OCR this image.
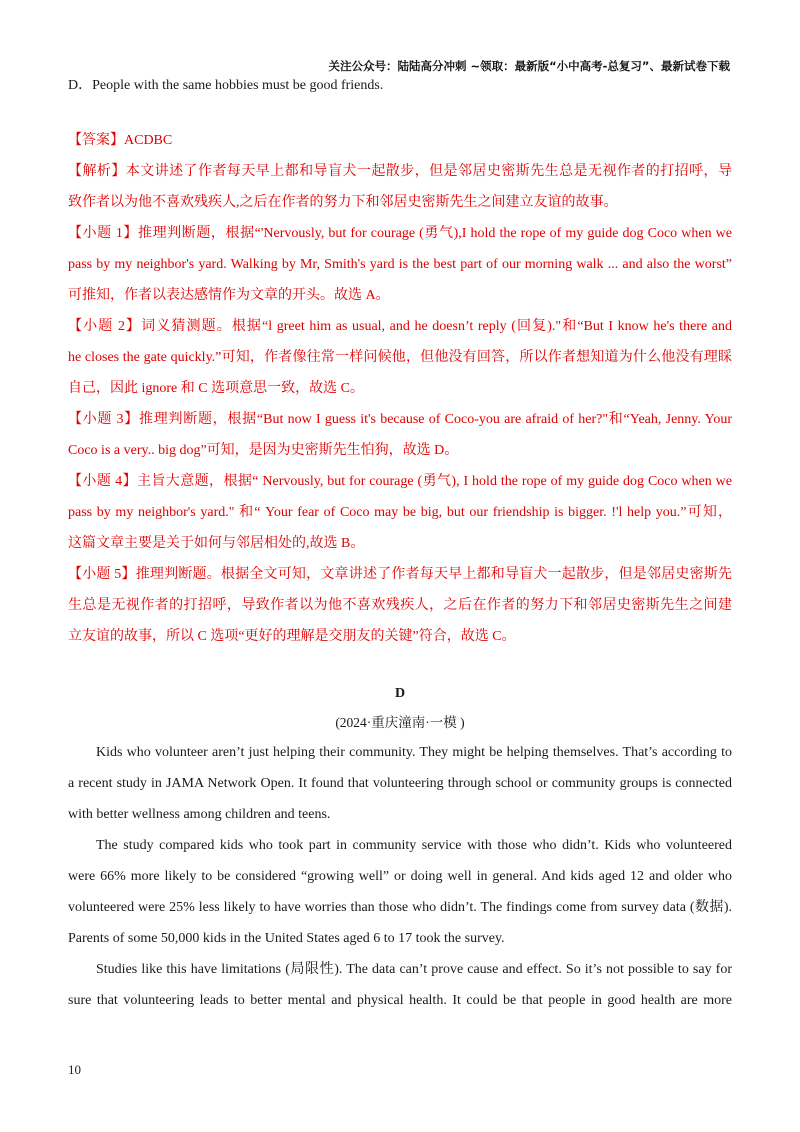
关注公众号：陆陆高分冲刺 ~领取：最新版“小中高考-总复习”、最新试卷下载
D．People with the same hobbies must be good friends.
【答案】ACDBC
【解析】本文讲述了作者每天早上都和导盲犬一起散步，但是邻居史密斯先生总是无视作者的打招呼，导
致作者以为他不喜欢残疾人,之后在作者的努力下和邻居史密斯先生之间建立友谊的故事。
【小题 1】推理判断题，根据“'Nervously, but for courage (勇气),I hold the rope of my guide dog Coco when we
pass by my neighbor's yard. Walking by Mr, Smith's yard is the best part of our morning walk ... and also the worst”
可推知，作者以表达感情作为文章的开头。故选 A。
【小题 2】词义猜测题。根据“l greet him as usual, and he doesn’t reply (回复)."和“But I know he's there and
he closes the gate quickly.”可知，作者像往常一样问候他，但他没有回答，所以作者想知道为什么他没有理睬
自己，因此 ignore 和 C 选项意思一致，故选 C。
【小题 3】推理判断题，根据“But now I guess it's because of Coco-you are afraid of her?"和“Yeah, Jenny. Your
Coco is a very.. big dog”可知，是因为史密斯先生怕狗，故选 D。
【小题 4】主旨大意题，根据“ Nervously, but for courage (勇气), I hold the rope of my guide dog Coco when we
pass by my neighbor's yard." 和“ Your fear of Coco may be big, but our friendship is bigger. !'l help you.”可知，
这篇文章主要是关于如何与邻居相处的,故选 B。
【小题 5】推理判断题。根据全文可知，文章讲述了作者每天早上都和导盲犬一起散步，但是邻居史密斯先
生总是无视作者的打招呼，导致作者以为他不喜欢残疾人，之后在作者的努力下和邻居史密斯先生之间建
立友谊的故事，所以 C 选项“更好的理解是交朋友的关键”符合，故选 C。
D
(2024·重庆潼南·一模 )
Kids who volunteer aren’t just helping their community. They might be helping themselves. That’s according to
a recent study in JAMA Network Open. It found that volunteering through school or community groups is connected
with better wellness among children and teens.
The study compared kids who took part in community service with those who didn’t. Kids who volunteered
were 66% more likely to be considered “growing well” or doing well in general. And kids aged 12 and older who
volunteered were 25% less likely to have worries than those who didn’t. The findings come from survey data (数据).
Parents of some 50,000 kids in the United States aged 6 to 17 took the survey.
Studies like this have limitations (局限性). The data can’t prove cause and effect. So it’s not possible to say for
sure that volunteering leads to better mental and physical health. It could be that people in good health are more
10
